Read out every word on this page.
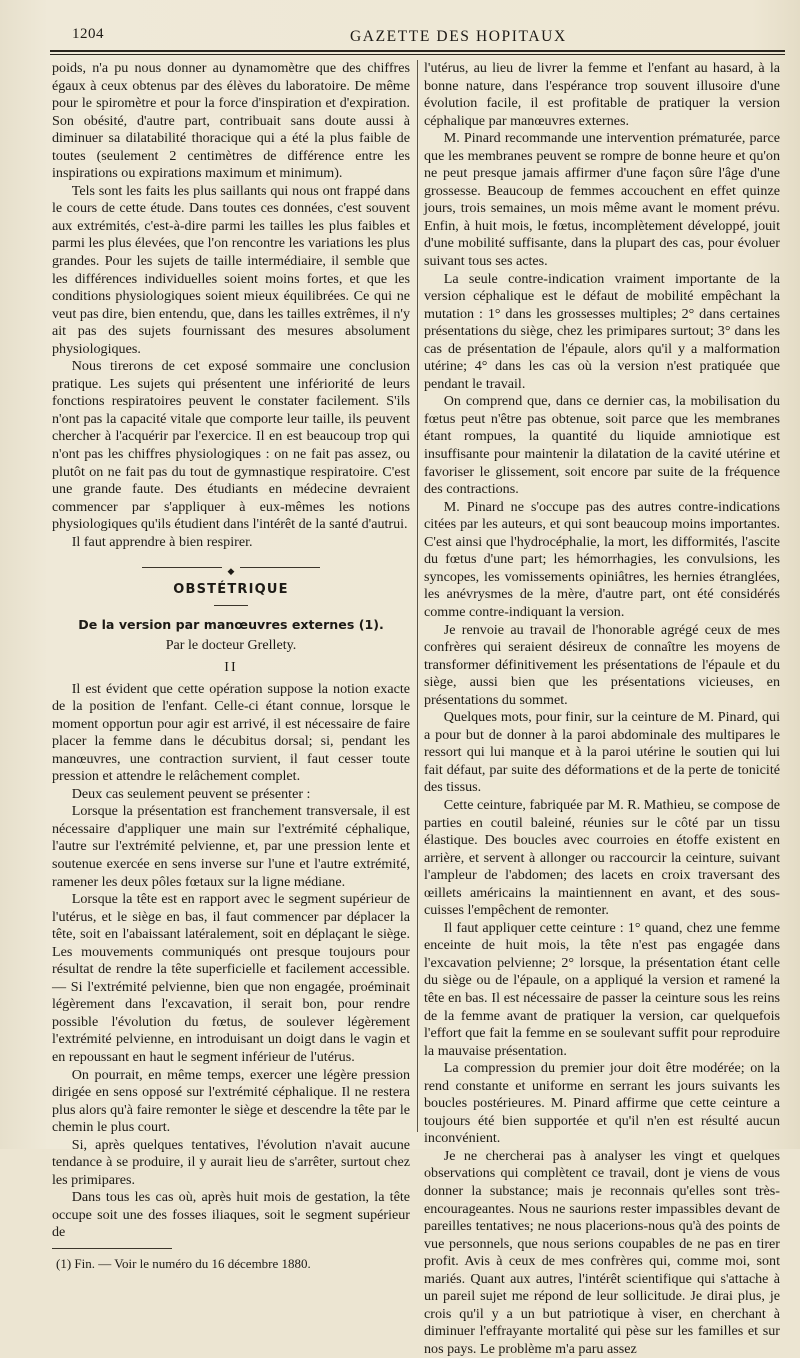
1204	GAZETTE DES HOPITAUX

poids, n'a pu nous donner au dynamomètre que des chiffres égaux à ceux obtenus par des élèves du laboratoire. De même pour le spiromètre et pour la force d'inspiration et d'expiration. Son obésité, d'autre part, contribuait sans doute aussi à diminuer sa dilatabilité thoracique qui a été la plus faible de toutes (seulement 2 centimètres de différence entre les inspirations ou expirations maximum et minimum).

Tels sont les faits les plus saillants qui nous ont frappé dans le cours de cette étude. Dans toutes ces données, c'est souvent aux extrémités, c'est-à-dire parmi les tailles les plus faibles et parmi les plus élevées, que l'on rencontre les variations les plus grandes. Pour les sujets de taille intermédiaire, il semble que les différences individuelles soient moins fortes, et que les conditions physiologiques soient mieux équilibrées. Ce qui ne veut pas dire, bien entendu, que, dans les tailles extrêmes, il n'y ait pas des sujets fournissant des mesures absolument physiologiques.

Nous tirerons de cet exposé sommaire une conclusion pratique. Les sujets qui présentent une infériorité de leurs fonctions respiratoires peuvent le constater facilement. S'ils n'ont pas la capacité vitale que comporte leur taille, ils peuvent chercher à l'acquérir par l'exercice. Il en est beaucoup trop qui n'ont pas les chiffres physiologiques : on ne fait pas assez, ou plutôt on ne fait pas du tout de gymnastique respiratoire. C'est une grande faute. Des étudiants en médecine devraient commencer par s'appliquer à eux-mêmes les notions physiologiques qu'ils étudient dans l'intérêt de la santé d'autrui.

Il faut apprendre à bien respirer.

◆
OBSTÉTRIQUE
De la version par manœuvres externes (1).
Par le docteur Grellety.
II

Il est évident que cette opération suppose la notion exacte de la position de l'enfant. Celle-ci étant connue, lorsque le moment opportun pour agir est arrivé, il est nécessaire de faire placer la femme dans le décubitus dorsal; si, pendant les manœuvres, une contraction survient, il faut cesser toute pression et attendre le relâchement complet.

Deux cas seulement peuvent se présenter :

Lorsque la présentation est franchement transversale, il est nécessaire d'appliquer une main sur l'extrémité céphalique, l'autre sur l'extrémité pelvienne, et, par une pression lente et soutenue exercée en sens inverse sur l'une et l'autre extrémité, ramener les deux pôles fœtaux sur la ligne médiane.

Lorsque la tête est en rapport avec le segment supérieur de l'utérus, et le siège en bas, il faut commencer par déplacer la tête, soit en l'abaissant latéralement, soit en déplaçant le siège. Les mouvements communiqués ont presque toujours pour résultat de rendre la tête superficielle et facilement accessible. — Si l'extrémité pelvienne, bien que non engagée, proéminait légèrement dans l'excavation, il serait bon, pour rendre possible l'évolution du fœtus, de soulever légèrement l'extrémité pelvienne, en introduisant un doigt dans le vagin et en repoussant en haut le segment inférieur de l'utérus.

On pourrait, en même temps, exercer une légère pression dirigée en sens opposé sur l'extrémité céphalique. Il ne restera plus alors qu'à faire remonter le siège et descendre la tête par le chemin le plus court.

Si, après quelques tentatives, l'évolution n'avait aucune tendance à se produire, il y aurait lieu de s'arrêter, surtout chez les primipares.

Dans tous les cas où, après huit mois de gestation, la tête occupe soit une des fosses iliaques, soit le segment supérieur de

(1) Fin. — Voir le numéro du 16 décembre 1880.

l'utérus, au lieu de livrer la femme et l'enfant au hasard, à la bonne nature, dans l'espérance trop souvent illusoire d'une évolution facile, il est profitable de pratiquer la version céphalique par manœuvres externes.

M. Pinard recommande une intervention prématurée, parce que les membranes peuvent se rompre de bonne heure et qu'on ne peut presque jamais affirmer d'une façon sûre l'âge d'une grossesse. Beaucoup de femmes accouchent en effet quinze jours, trois semaines, un mois même avant le moment prévu. Enfin, à huit mois, le fœtus, incomplètement développé, jouit d'une mobilité suffisante, dans la plupart des cas, pour évoluer suivant tous ses actes.

La seule contre-indication vraiment importante de la version céphalique est le défaut de mobilité empêchant la mutation : 1° dans les grossesses multiples; 2° dans certaines présentations du siège, chez les primipares surtout; 3° dans les cas de présentation de l'épaule, alors qu'il y a malformation utérine; 4° dans les cas où la version n'est pratiquée que pendant le travail.

On comprend que, dans ce dernier cas, la mobilisation du fœtus peut n'être pas obtenue, soit parce que les membranes étant rompues, la quantité du liquide amniotique est insuffisante pour maintenir la dilatation de la cavité utérine et favoriser le glissement, soit encore par suite de la fréquence des contractions.

M. Pinard ne s'occupe pas des autres contre-indications citées par les auteurs, et qui sont beaucoup moins importantes. C'est ainsi que l'hydrocéphalie, la mort, les difformités, l'ascite du fœtus d'une part; les hémorrhagies, les convulsions, les syncopes, les vomissements opiniâtres, les hernies étranglées, les anévrysmes de la mère, d'autre part, ont été considérés comme contre-indiquant la version.

Je renvoie au travail de l'honorable agrégé ceux de mes confrères qui seraient désireux de connaître les moyens de transformer définitivement les présentations de l'épaule et du siège, aussi bien que les présentations vicieuses, en présentations du sommet.

Quelques mots, pour finir, sur la ceinture de M. Pinard, qui a pour but de donner à la paroi abdominale des multipares le ressort qui lui manque et à la paroi utérine le soutien qui lui fait défaut, par suite des déformations et de la perte de tonicité des tissus.

Cette ceinture, fabriquée par M. R. Mathieu, se compose de parties en coutil baleiné, réunies sur le côté par un tissu élastique. Des boucles avec courroies en étoffe existent en arrière, et servent à allonger ou raccourcir la ceinture, suivant l'ampleur de l'abdomen; des lacets en croix traversant des œillets américains la maintiennent en avant, et des sous-cuisses l'empêchent de remonter.

Il faut appliquer cette ceinture : 1° quand, chez une femme enceinte de huit mois, la tête n'est pas engagée dans l'excavation pelvienne; 2° lorsque, la présentation étant celle du siège ou de l'épaule, on a appliqué la version et ramené la tête en bas. Il est nécessaire de passer la ceinture sous les reins de la femme avant de pratiquer la version, car quelquefois l'effort que fait la femme en se soulevant suffit pour reproduire la mauvaise présentation.

La compression du premier jour doit être modérée; on la rend constante et uniforme en serrant les jours suivants les boucles postérieures. M. Pinard affirme que cette ceinture a toujours été bien supportée et qu'il n'en est résulté aucun inconvénient.

Je ne chercherai pas à analyser les vingt et quelques observations qui complètent ce travail, dont je viens de vous donner la substance; mais je reconnais qu'elles sont très-encourageantes. Nous ne saurions rester impassibles devant de pareilles tentatives; ne nous placerions-nous qu'à des points de vue personnels, que nous serions coupables de ne pas en tirer profit. Avis à ceux de mes confrères qui, comme moi, sont mariés. Quant aux autres, l'intérêt scientifique qui s'attache à un pareil sujet me répond de leur sollicitude. Je dirai plus, je crois qu'il y a un but patriotique à viser, en cherchant à diminuer l'effrayante mortalité qui pèse sur les familles et sur nos pays. Le problème m'a paru assez
